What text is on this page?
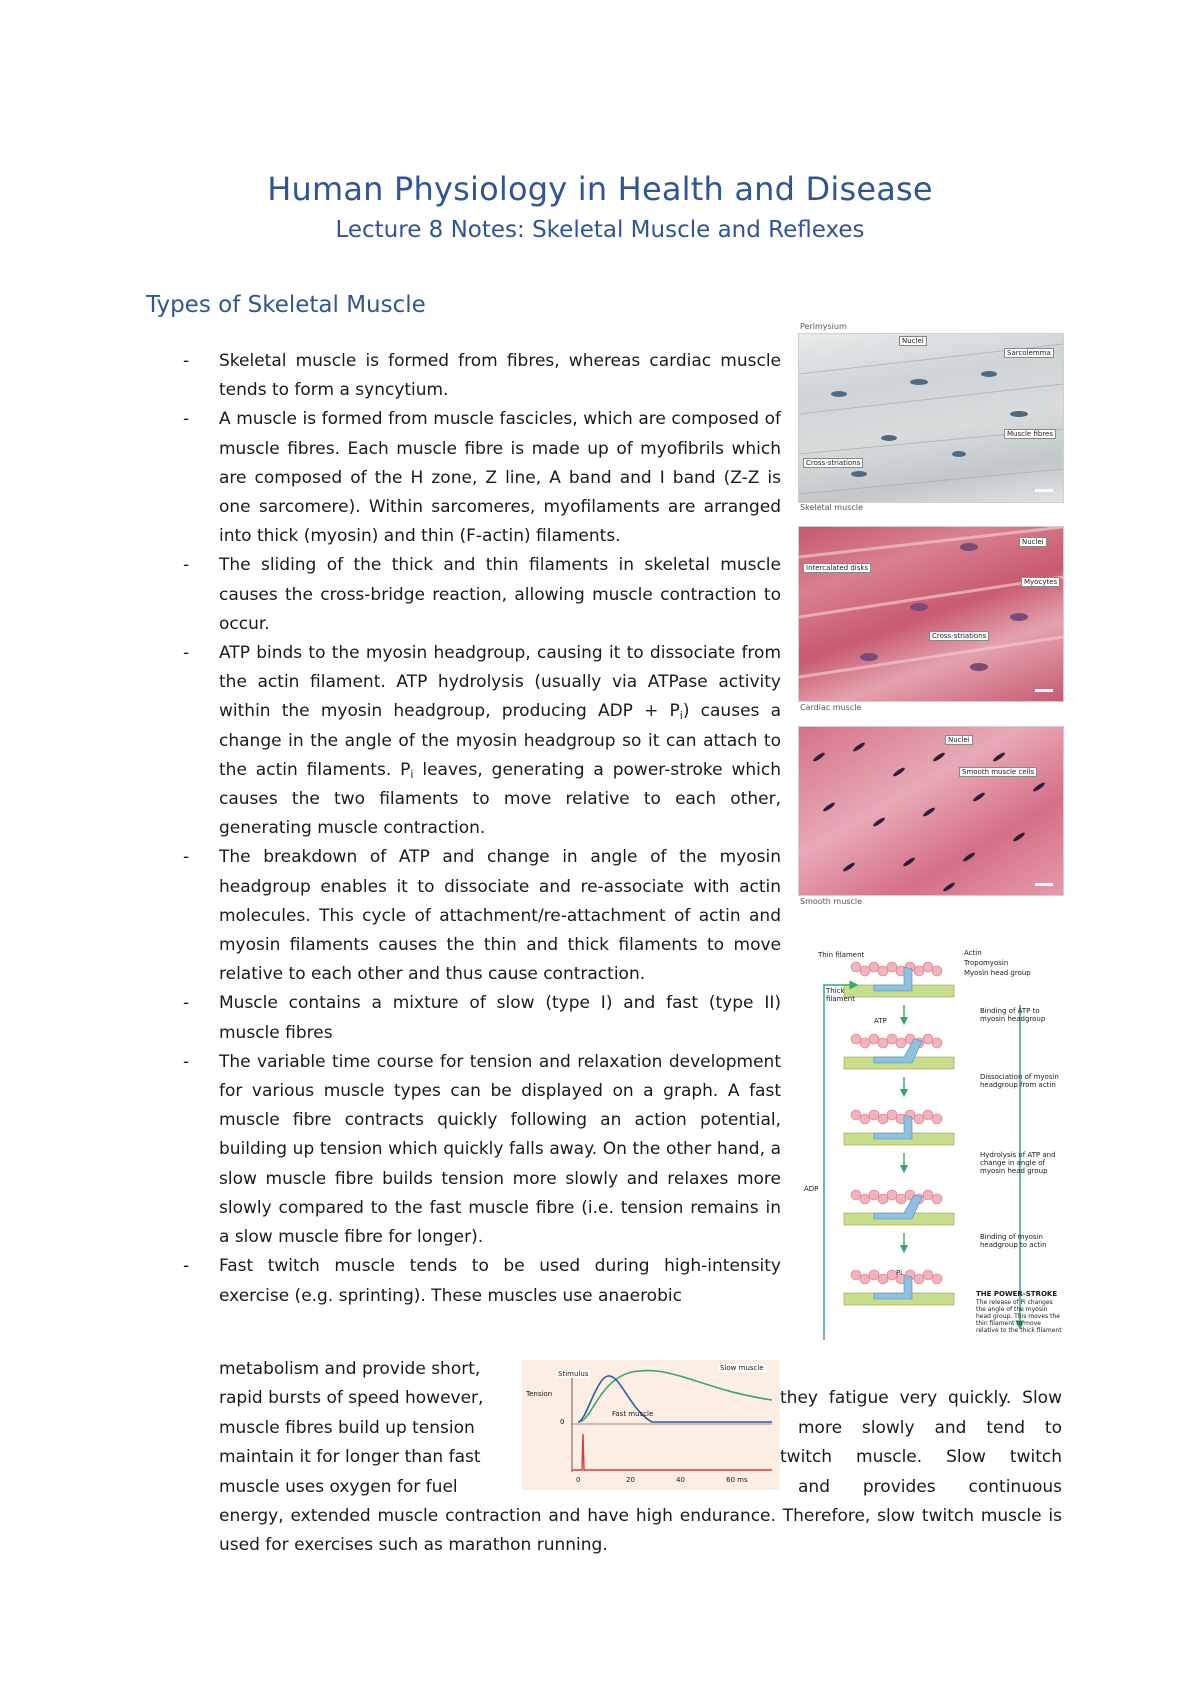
Human Physiology in Health and Disease
Lecture 8 Notes: Skeletal Muscle and Reflexes
Types of Skeletal Muscle
- Skeletal muscle is formed from fibres, whereas cardiac muscle tends to form a syncytium.
- A muscle is formed from muscle fascicles, which are composed of muscle fibres. Each muscle fibre is made up of myofibrils which are composed of the H zone, Z line, A band and I band (Z-Z is one sarcomere). Within sarcomeres, myofilaments are arranged into thick (myosin) and thin (F-actin) filaments.
- The sliding of the thick and thin filaments in skeletal muscle causes the cross-bridge reaction, allowing muscle contraction to occur.
- ATP binds to the myosin headgroup, causing it to dissociate from the actin filament. ATP hydrolysis (usually via ATPase activity within the myosin headgroup, producing ADP + $P_i$) causes a change in the angle of the myosin headgroup so it can attach to the actin filaments. $P_i$ leaves, generating a power-stroke which causes the two filaments to move relative to each other, generating muscle contraction.
- The breakdown of ATP and change in angle of the myosin headgroup enables it to dissociate and re-associate with actin molecules. This cycle of attachment/re-attachment of actin and myosin filaments causes the thin and thick filaments to move relative to each other and thus cause contraction.
- Muscle contains a mixture of slow (type I) and fast (type II) muscle fibres
- The variable time course for tension and relaxation development for various muscle types can be displayed on a graph. A fast muscle fibre contracts quickly following an action potential, building up tension which quickly falls away. On the other hand, a slow muscle fibre builds tension more slowly and relaxes more slowly compared to the fast muscle fibre (i.e. tension remains in a slow muscle fibre for longer).
- Fast twitch muscle tends to be used during high-intensity exercise (e.g. sprinting). These muscles use anaerobic
metabolism and provide short,
rapid bursts of speed however,
muscle fibres build up tension
maintain it for longer than fast
muscle uses oxygen for fuel
they fatigue very quickly. Slow
more slowly and tend to
twitch muscle. Slow twitch
and provides continuous
energy, extended muscle contraction and have high endurance. Therefore, slow twitch muscle is used for exercises such as marathon running.
Nuclei
Sarcolemma
Muscle fibres
Cross-striations
Perimysium
Skeletal muscle
Nuclei
Intercalated disks
Myocytes
Cross-striations
Cardiac muscle
Nuclei
Smooth muscle cells
Smooth muscle
Thin filament	Actin
Tropomyosin
Myosin head group
Thick filament
ATP
Binding of ATP to myosin headgroup
Dissociation of myosin headgroup from actin
Hydrolysis of ATP and change in angle of myosin head group
Binding of myosin headgroup to actin
THE POWER-STROKE
The release of Pi changes the angle of the myosin head group. This moves the thin filament to move relative to the thick filament
ADP
Pi
Slow muscle
Stimulus
Fast muscle
Tension
0
0	20	40	60 ms
